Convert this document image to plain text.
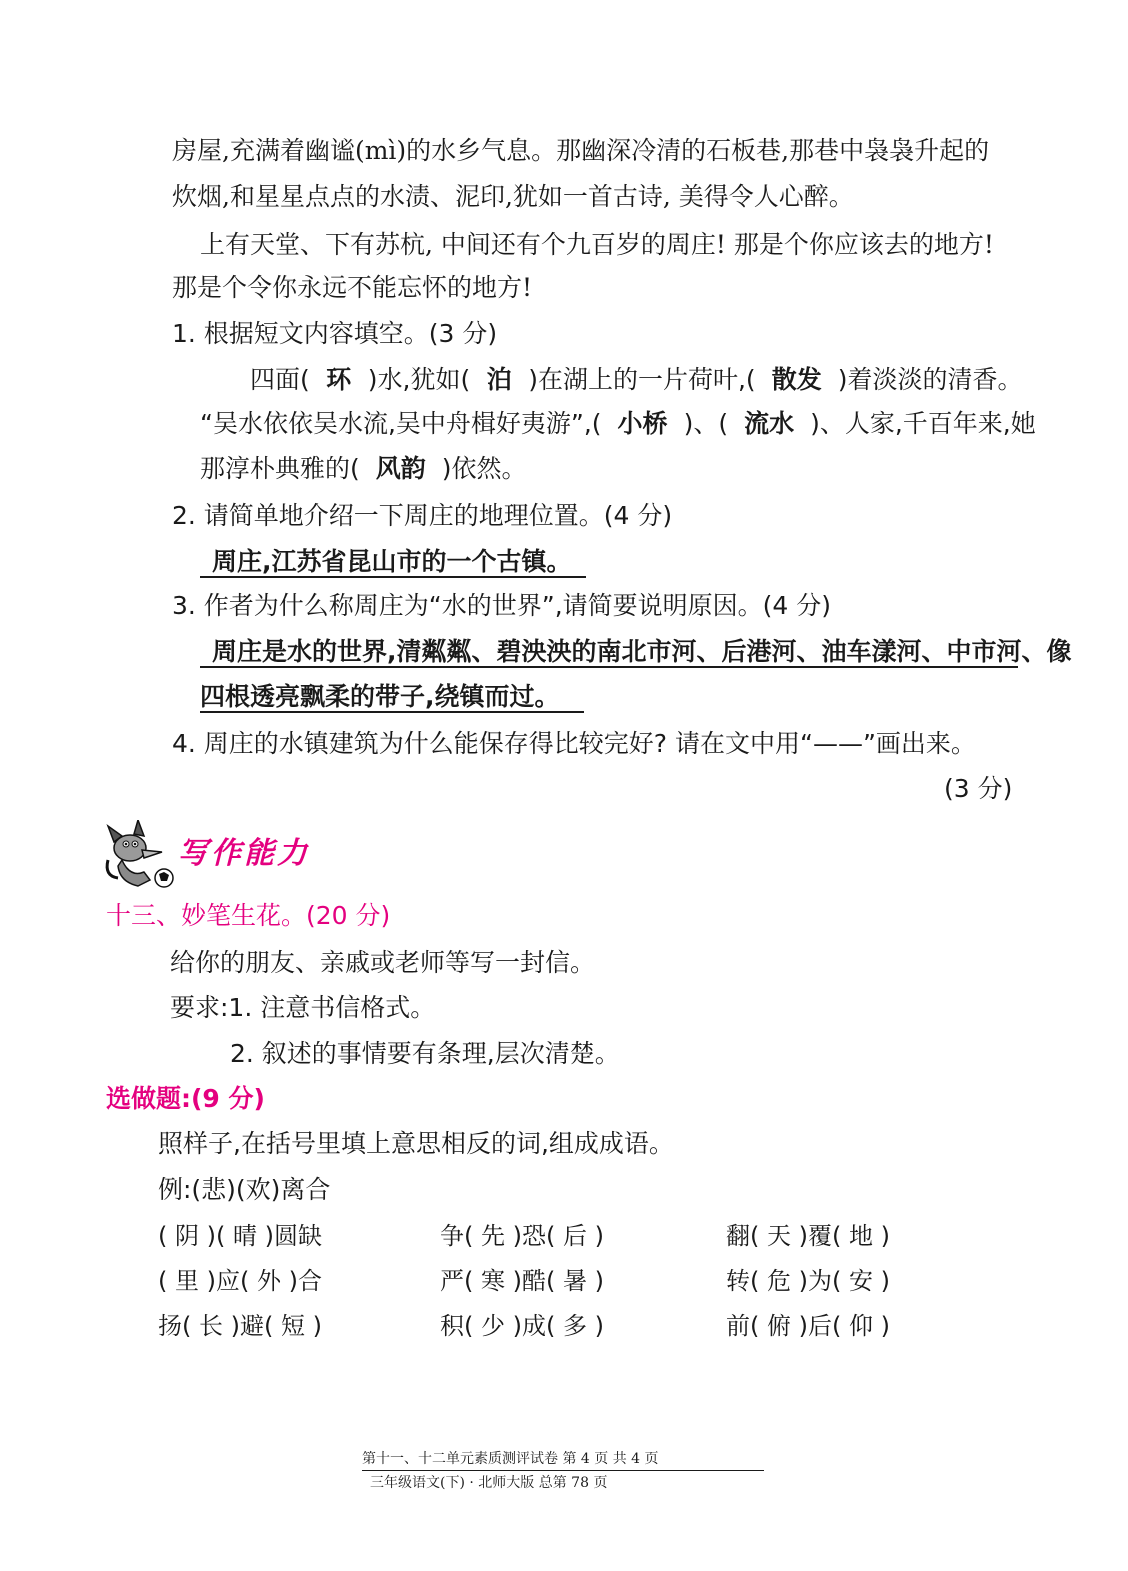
房屋,充满着幽谧(mì)的水乡气息。那幽深冷清的石板巷,那巷中袅袅升起的
炊烟,和星星点点的水渍、泥印,犹如一首古诗, 美得令人心醉。
上有天堂、下有苏杭, 中间还有个九百岁的周庄! 那是个你应该去的地方!
那是个令你永远不能忘怀的地方!
1. 根据短文内容填空。(3 分)
四面( 环 )水,犹如( 泊 )在湖上的一片荷叶,( 散发 )着淡淡的清香。
“吴水依依吴水流,吴中舟楫好夷游”,( 小桥 )、( 流水 )、人家,千百年来,她
那淳朴典雅的( 风韵 )依然。
2. 请简单地介绍一下周庄的地理位置。(4 分)
周庄,江苏省昆山市的一个古镇。
3. 作者为什么称周庄为“水的世界”,请简要说明原因。(4 分)
周庄是水的世界,清粼粼、碧泱泱的南北市河、后港河、油车漾河、中市河、像
四根透亮飘柔的带子,绕镇而过。
4. 周庄的水镇建筑为什么能保存得比较完好? 请在文中用“——”画出来。
(3 分)
写作能力
十三、妙笔生花。(20 分)
给你的朋友、亲戚或老师等写一封信。
要求:1. 注意书信格式。
2. 叙述的事情要有条理,层次清楚。
选做题:(9 分)
照样子,在括号里填上意思相反的词,组成成语。
例:(悲)(欢)离合
( 阴 )( 晴 )圆缺	争( 先 )恐( 后 )	翻( 天 )覆( 地 )
( 里 )应( 外 )合	严( 寒 )酷( 暑 )	转( 危 )为( 安 )
扬( 长 )避( 短 )	积( 少 )成( 多 )	前( 俯 )后( 仰 )
第十一、十二单元素质测评试卷 第 4 页 共 4 页
三年级语文(下) · 北师大版 总第 78 页
